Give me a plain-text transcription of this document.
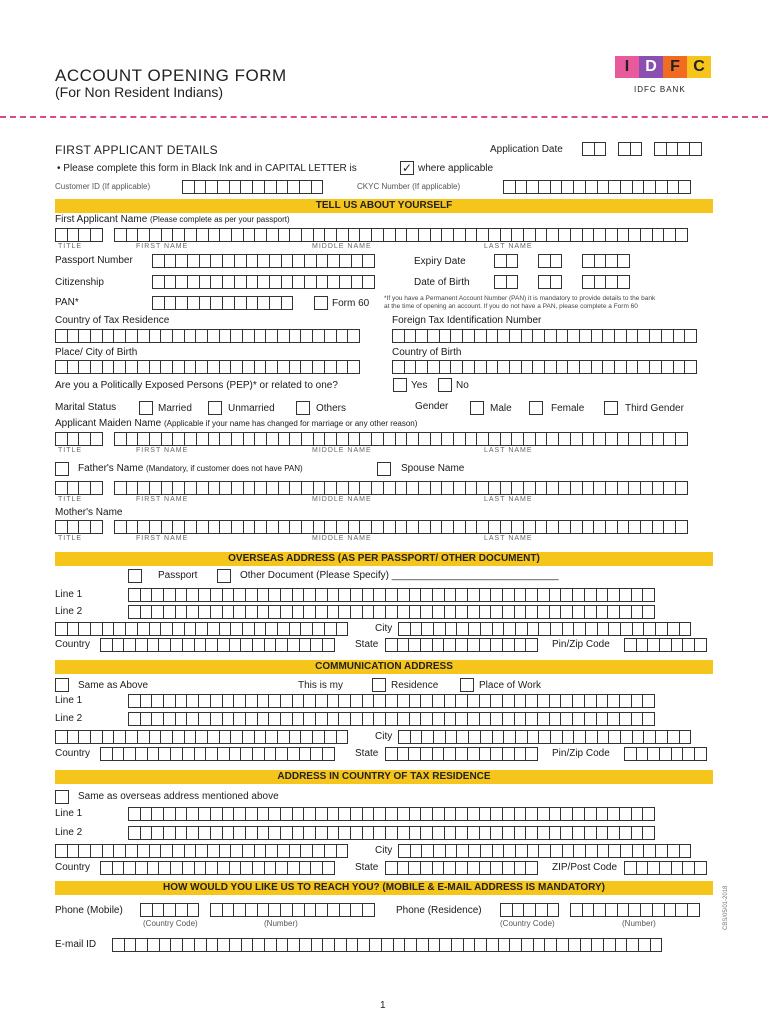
ACCOUNT OPENING FORM
(For Non Resident Indians)
I	D F C
IDFC BANK
FIRST APPLICANT DETAILS	Application Date
• Please complete this form in Black Ink and in CAPITAL LETTER is	✓ where applicable
Customer ID (If applicable)	CKYC Number (If applicable)
TELL US ABOUT YOURSELF
First Applicant Name (Please complete as per your passport)
TITLE	FIRST NAME	MIDDLE NAME	LAST NAME
Passport Number	Expiry Date
Citizenship	Date of Birth
PAN*	Form 60 *If you have a Permanent Account Number (PAN) it is mandatory to provide details to the bank
at the time of opening an account. If you do not have a PAN, please complete a Form 60
Country of Tax Residence	Foreign Tax Identification Number
Place/ City of Birth	Country of Birth
Are you a Politically Exposed Persons (PEP)* or related to one?	Yes	No
Marital Status	Married	Unmarried	Others	Gender	Male	Female	Third Gender
Applicant Maiden Name (Applicable if your name has changed for marriage or any other reason)
TITLE	FIRST NAME	MIDDLE NAME	LAST NAME
Father's Name (Mandatory, if customer does not have PAN)	Spouse Name
TITLE	FIRST NAME	MIDDLE NAME	LAST NAME
Mother's Name
TITLE	FIRST NAME	MIDDLE NAME	LAST NAME
OVERSEAS ADDRESS (AS PER PASSPORT/ OTHER DOCUMENT)
Passport	Other Document (Please Specify) ______________________________
Line 1
Line 2
City
Country	State	Pin/Zip Code
COMMUNICATION ADDRESS
Same as Above	This is my	Residence	Place of Work
Line 1
Line 2
City
Country	State	Pin/Zip Code
ADDRESS IN COUNTRY OF TAX RESIDENCE
Same as overseas address mentioned above
Line 1
Line 2
City
Country	State	ZIP/Post Code
HOW WOULD YOU LIKE US TO REACH YOU? (MOBILE & E-MAIL ADDRESS IS MANDATORY)
Phone (Mobile)
(Country Code)	(Number)
Phone (Residence)
(Country Code)	(Number)
E-mail ID
CBS/05/01-2018
1
